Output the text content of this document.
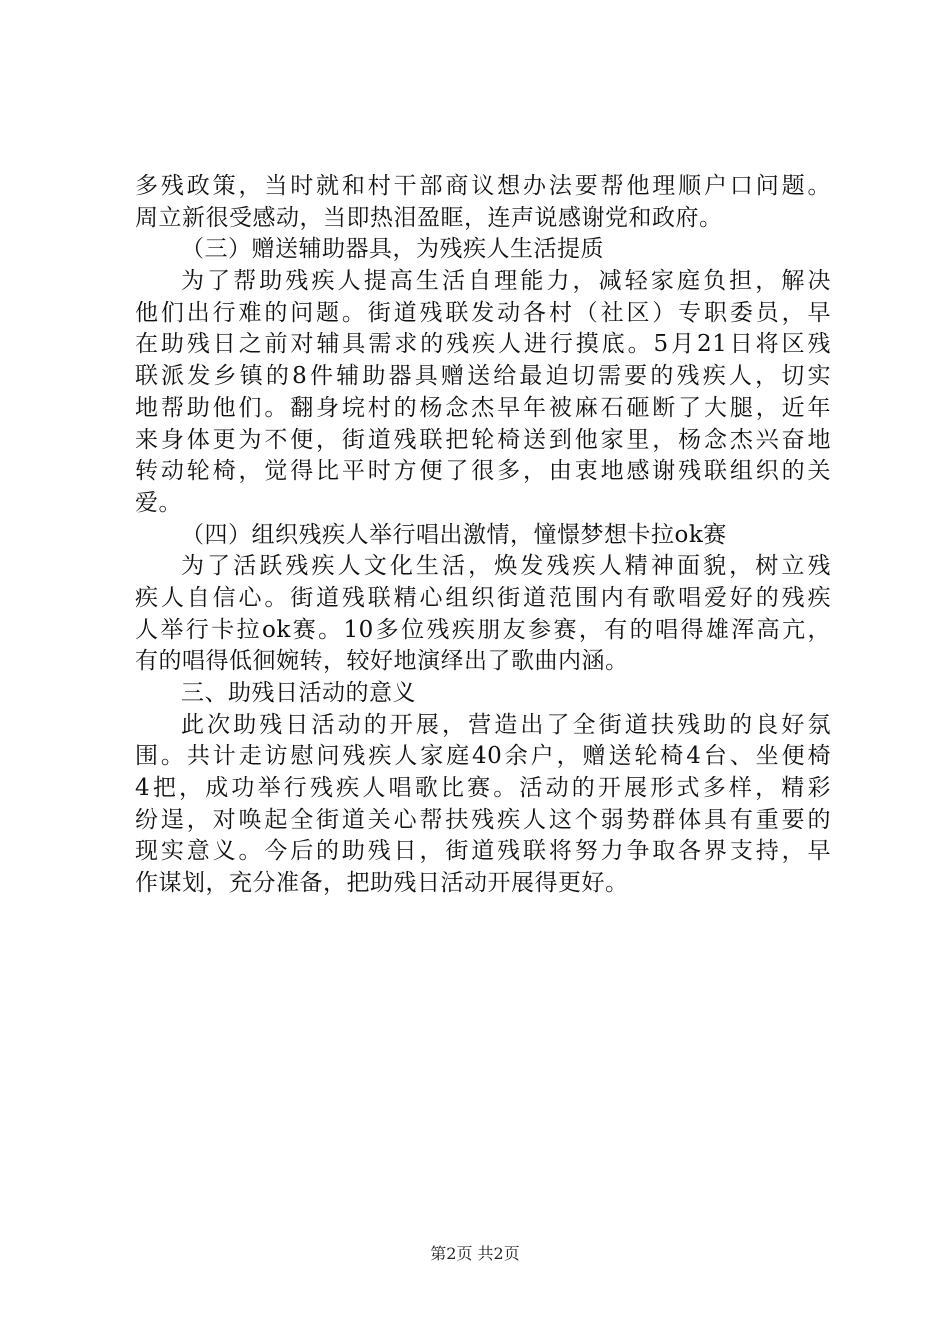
多残政策，当时就和村干部商议想办法要帮他理顺户口问题。
周立新很受感动，当即热泪盈眶，连声说感谢党和政府。
（三）赠送辅助器具，为残疾人生活提质
为了帮助残疾人提高生活自理能力，减轻家庭负担，解决
他们出行难的问题。街道残联发动各村（社区）专职委员，早
在助残日之前对辅具需求的残疾人进行摸底。5月21日将区残
联派发乡镇的8件辅助器具赠送给最迫切需要的残疾人，切实
地帮助他们。翻身垸村的杨念杰早年被麻石砸断了大腿，近年
来身体更为不便，街道残联把轮椅送到他家里，杨念杰兴奋地
转动轮椅，觉得比平时方便了很多，由衷地感谢残联组织的关
爱。
（四）组织残疾人举行唱出激情，憧憬梦想卡拉ok赛
为了活跃残疾人文化生活，焕发残疾人精神面貌，树立残
疾人自信心。街道残联精心组织街道范围内有歌唱爱好的残疾
人举行卡拉ok赛。10多位残疾朋友参赛，有的唱得雄浑高亢，
有的唱得低徊婉转，较好地演绎出了歌曲内涵。
三、助残日活动的意义
此次助残日活动的开展，营造出了全街道扶残助的良好氛
围。共计走访慰问残疾人家庭40余户，赠送轮椅4台、坐便椅
4把，成功举行残疾人唱歌比赛。活动的开展形式多样，精彩
纷逞，对唤起全街道关心帮扶残疾人这个弱势群体具有重要的
现实意义。今后的助残日，街道残联将努力争取各界支持，早
作谋划，充分准备，把助残日活动开展得更好。
第2页 共2页
